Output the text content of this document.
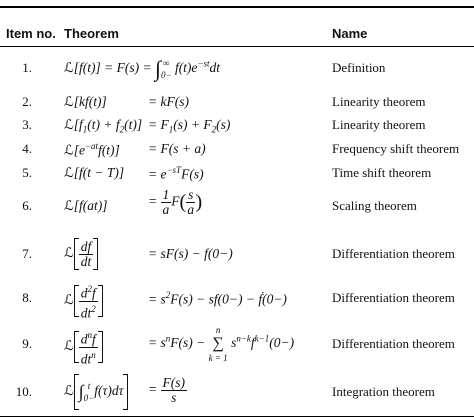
Item no. Theorem	Name
1. ℒ[f(t)] = F(s) = ∫ ∞
$0- f(t)e^{-st}dt$	Definition
2. ℒ[kf(t)]	= kF(s)	Linearity theorem
3. $ℒ[f_1(t) + f_2(t)] = F_1(s) + F_2(s)$	Linearity theorem
4. $ℒ[e^{-at}f(t)] = F(s + a)$	Frequency shift theorem
5. ℒ[f(t − $T)] = e^{-sT}F(s)$	Time shift theorem
6. ℒ[f(at)]	= $\frac{1}{a} F( \frac{s}{a}$ )	Scaling theorem
7. ℒ $\frac{df}{dt}$	= sF(s) − f(0−)	Differentiation theorem
8. ℒ $\frac{d^2f}{dt^2}$	= $s^2F(s) - sf(0-)$ − ḟ(0−)	Differentiation theorem
9. ℒ $\frac{d^nf}{dt^n}$	= $s^nF(s)$ −
n
∑
k = 1
$s^{n-k}f^{k-1}(0-)$	Differentiation theorem
10. ℒ ∫ t
0− f(τ)dτ	= $\frac{F(s)}{s}$	Integration theorem
